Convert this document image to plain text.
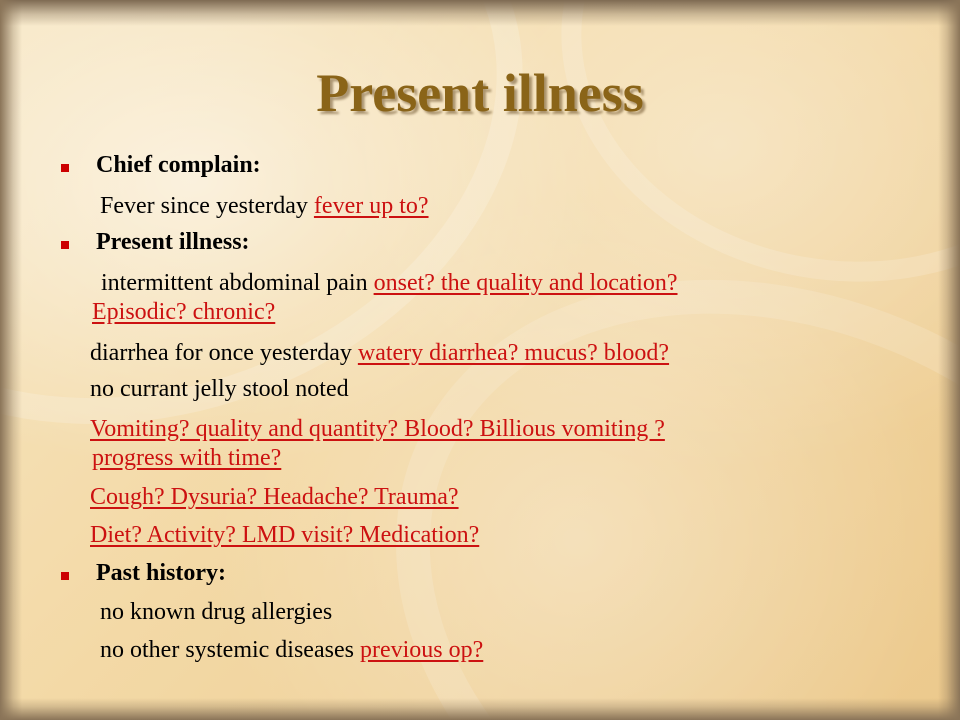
Present illness
Chief complain:
Fever since yesterday fever up to?
Present illness:
intermittent abdominal pain onset? the quality and location?
Episodic? chronic?
diarrhea for once yesterday watery diarrhea? mucus? blood?
no currant jelly stool noted
Vomiting? quality and quantity? Blood? Billious vomiting ?
progress with time?
Cough? Dysuria? Headache? Trauma?
Diet? Activity? LMD visit? Medication?
Past history:
no known drug allergies
no other systemic diseases previous op?
